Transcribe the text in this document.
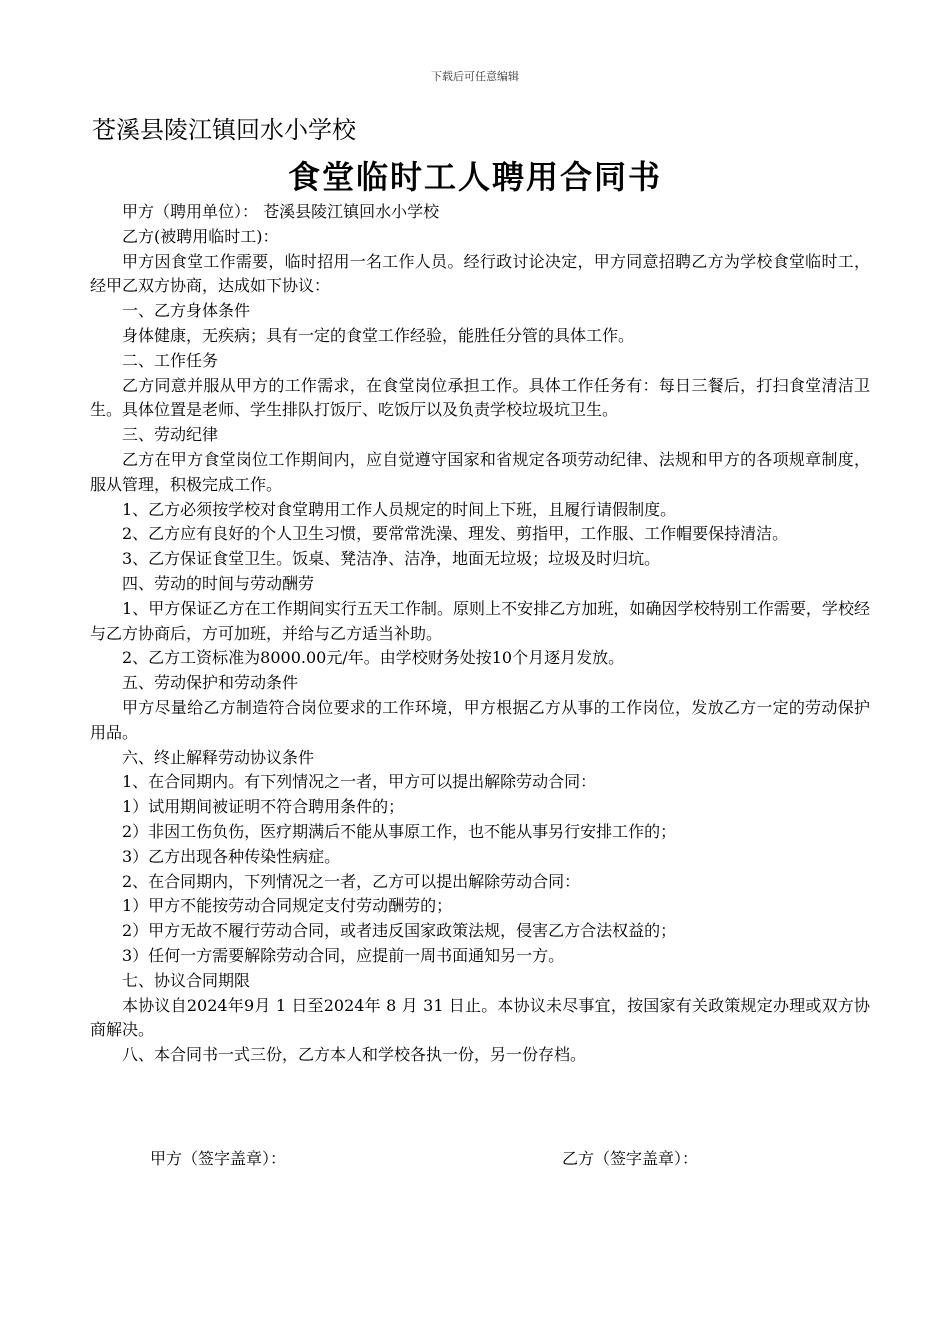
下载后可任意编辑
苍溪县陵江镇回水小学校
食堂临时工人聘用合同书

甲方（聘用单位）： 苍溪县陵江镇回水小学校

乙方(被聘用临时工)：

甲方因食堂工作需要，临时招用一名工作人员。经行政讨论决定，甲方同意招聘乙方为学校食堂临时工，经甲乙双方协商，达成如下协议：

一、乙方身体条件

身体健康，无疾病；具有一定的食堂工作经验，能胜任分管的具体工作。

二、工作任务

乙方同意并服从甲方的工作需求，在食堂岗位承担工作。具体工作任务有：每日三餐后，打扫食堂清洁卫生。具体位置是老师、学生排队打饭厅、吃饭厅以及负责学校垃圾坑卫生。

三、劳动纪律

乙方在甲方食堂岗位工作期间内，应自觉遵守国家和省规定各项劳动纪律、法规和甲方的各项规章制度，服从管理，积极完成工作。

1、乙方必须按学校对食堂聘用工作人员规定的时间上下班，且履行请假制度。

2、乙方应有良好的个人卫生习惯，要常常洗澡、理发、剪指甲，工作服、工作帽要保持清洁。

3、乙方保证食堂卫生。饭桌、凳洁净、洁净，地面无垃圾；垃圾及时归坑。

四、劳动的时间与劳动酬劳

1、甲方保证乙方在工作期间实行五天工作制。原则上不安排乙方加班，如确因学校特别工作需要，学校经与乙方协商后，方可加班，并给与乙方适当补助。

2、乙方工资标准为8000.00元/年。由学校财务处按10个月逐月发放。

五、劳动保护和劳动条件

甲方尽量给乙方制造符合岗位要求的工作环境，甲方根据乙方从事的工作岗位，发放乙方一定的劳动保护用品。

六、终止解释劳动协议条件

1、在合同期内。有下列情况之一者，甲方可以提出解除劳动合同：

1）试用期间被证明不符合聘用条件的；

2）非因工伤负伤，医疗期满后不能从事原工作，也不能从事另行安排工作的；

3）乙方出现各种传染性病症。

2、在合同期内，下列情况之一者，乙方可以提出解除劳动合同：

1）甲方不能按劳动合同规定支付劳动酬劳的；

2）甲方无故不履行劳动合同，或者违反国家政策法规，侵害乙方合法权益的；

3）任何一方需要解除劳动合同，应提前一周书面通知另一方。

七、协议合同期限

本协议自2024年9月 1 日至2024年 8 月 31 日止。本协议未尽事宜，按国家有关政策规定办理或双方协商解决。

八、本合同书一式三份，乙方本人和学校各执一份，另一份存档。

甲方（签字盖章）：	乙方（签字盖章）：
